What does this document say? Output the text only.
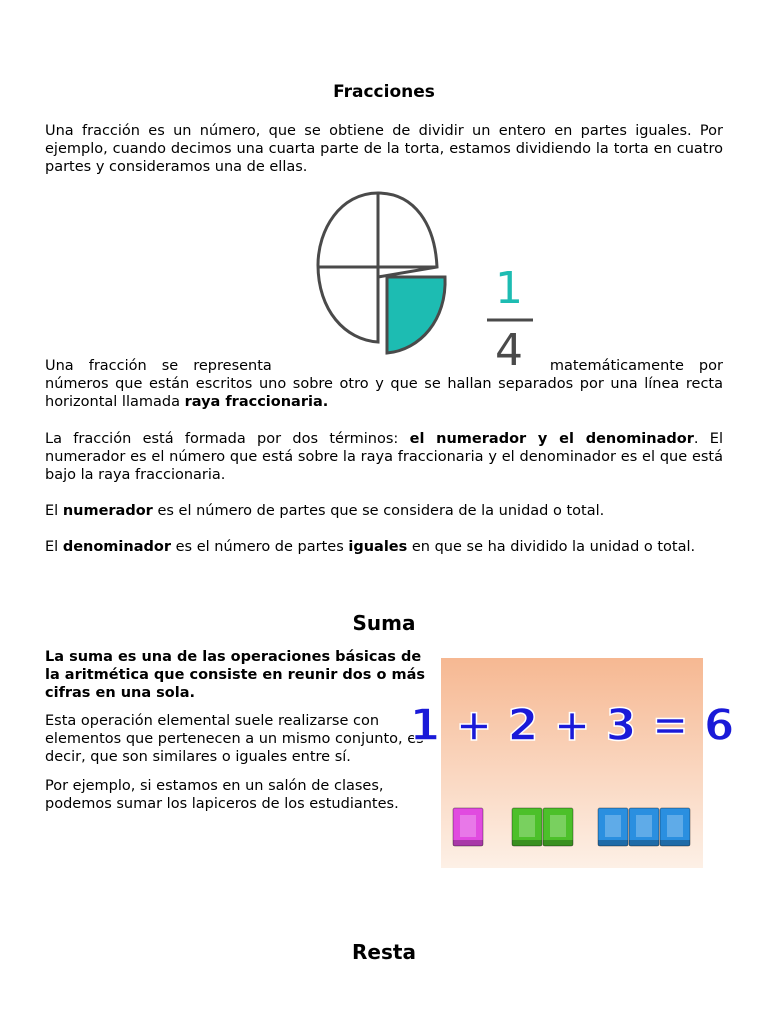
Fracciones

Una fracción es un número, que se obtiene de dividir un entero en partes iguales. Por ejemplo, cuando decimos una cuarta parte de la torta, estamos dividiendo la torta en cuatro partes y consideramos una de ellas.

1
4
Una fracción se representa	matemáticamente por

números que están escritos uno sobre otro y que se hallan separados por una línea recta horizontal llamada raya fraccionaria.

La fracción está formada por dos términos: el numerador y el denominador. El numerador es el número que está sobre la raya fraccionaria y el denominador es el que está bajo la raya fraccionaria.

El numerador es el número de partes que se considera de la unidad o total.

El denominador es el número de partes iguales en que se ha dividido la unidad o total.

Suma

La suma es una de las operaciones básicas de la aritmética que consiste en reunir dos o más cifras en una sola.

Esta operación elemental suele realizarse con elementos que pertenecen a un mismo conjunto, es decir, que son similares o iguales entre sí.

Por ejemplo, si estamos en un salón de clases, podemos sumar los lapiceros de los estudiantes.

1 + 2 + 3 = 6
Resta
